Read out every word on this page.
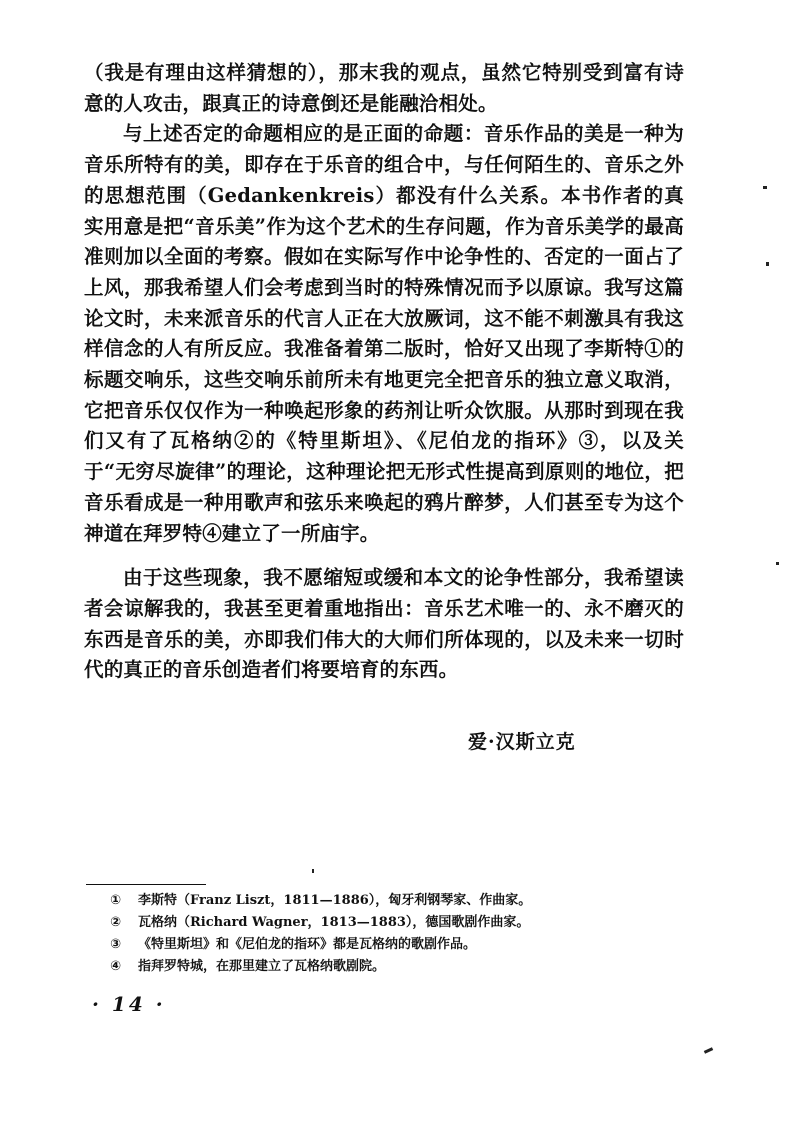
（我是有理由这样猜想的），那末我的观点，虽然它特别受到富有诗意的人攻击，跟真正的诗意倒还是能融洽相处。

与上述否定的命题相应的是正面的命题：音乐作品的美是一种为音乐所特有的美，即存在于乐音的组合中，与任何陌生的、音乐之外的思想范围（Gedankenkreis）都没有什么关系。本书作者的真实用意是把“音乐美”作为这个艺术的生存问题，作为音乐美学的最高准则加以全面的考察。假如在实际写作中论争性的、否定的一面占了上风，那我希望人们会考虑到当时的特殊情况而予以原谅。我写这篇论文时，未来派音乐的代言人正在大放厥词，这不能不刺激具有我这样信念的人有所反应。我准备着第二版时，恰好又出现了李斯特①的标题交响乐，这些交响乐前所未有地更完全把音乐的独立意义取消，它把音乐仅仅作为一种唤起形象的药剂让听众饮服。从那时到现在我们又有了瓦格纳②的《特里斯坦》、《尼伯龙的指环》③，以及关于“无穷尽旋律”的理论，这种理论把无形式性提高到原则的地位，把音乐看成是一种用歌声和弦乐来唤起的鸦片醉梦，人们甚至专为这个神道在拜罗特④建立了一所庙宇。

由于这些现象，我不愿缩短或缓和本文的论争性部分，我希望读者会谅解我的，我甚至更着重地指出：音乐艺术唯一的、永不磨灭的东西是音乐的美，亦即我们伟大的大师们所体现的，以及未来一切时代的真正的音乐创造者们将要培育的东西。

爱·汉斯立克
①	李斯特（Franz Liszt，1811—1886），匈牙利钢琴家、作曲家。
②	瓦格纳（Richard Wagner，1813—1883），德国歌剧作曲家。
③	《特里斯坦》和《尼伯龙的指环》都是瓦格纳的歌剧作品。
④	指拜罗特城，在那里建立了瓦格纳歌剧院。
· 14 ·
